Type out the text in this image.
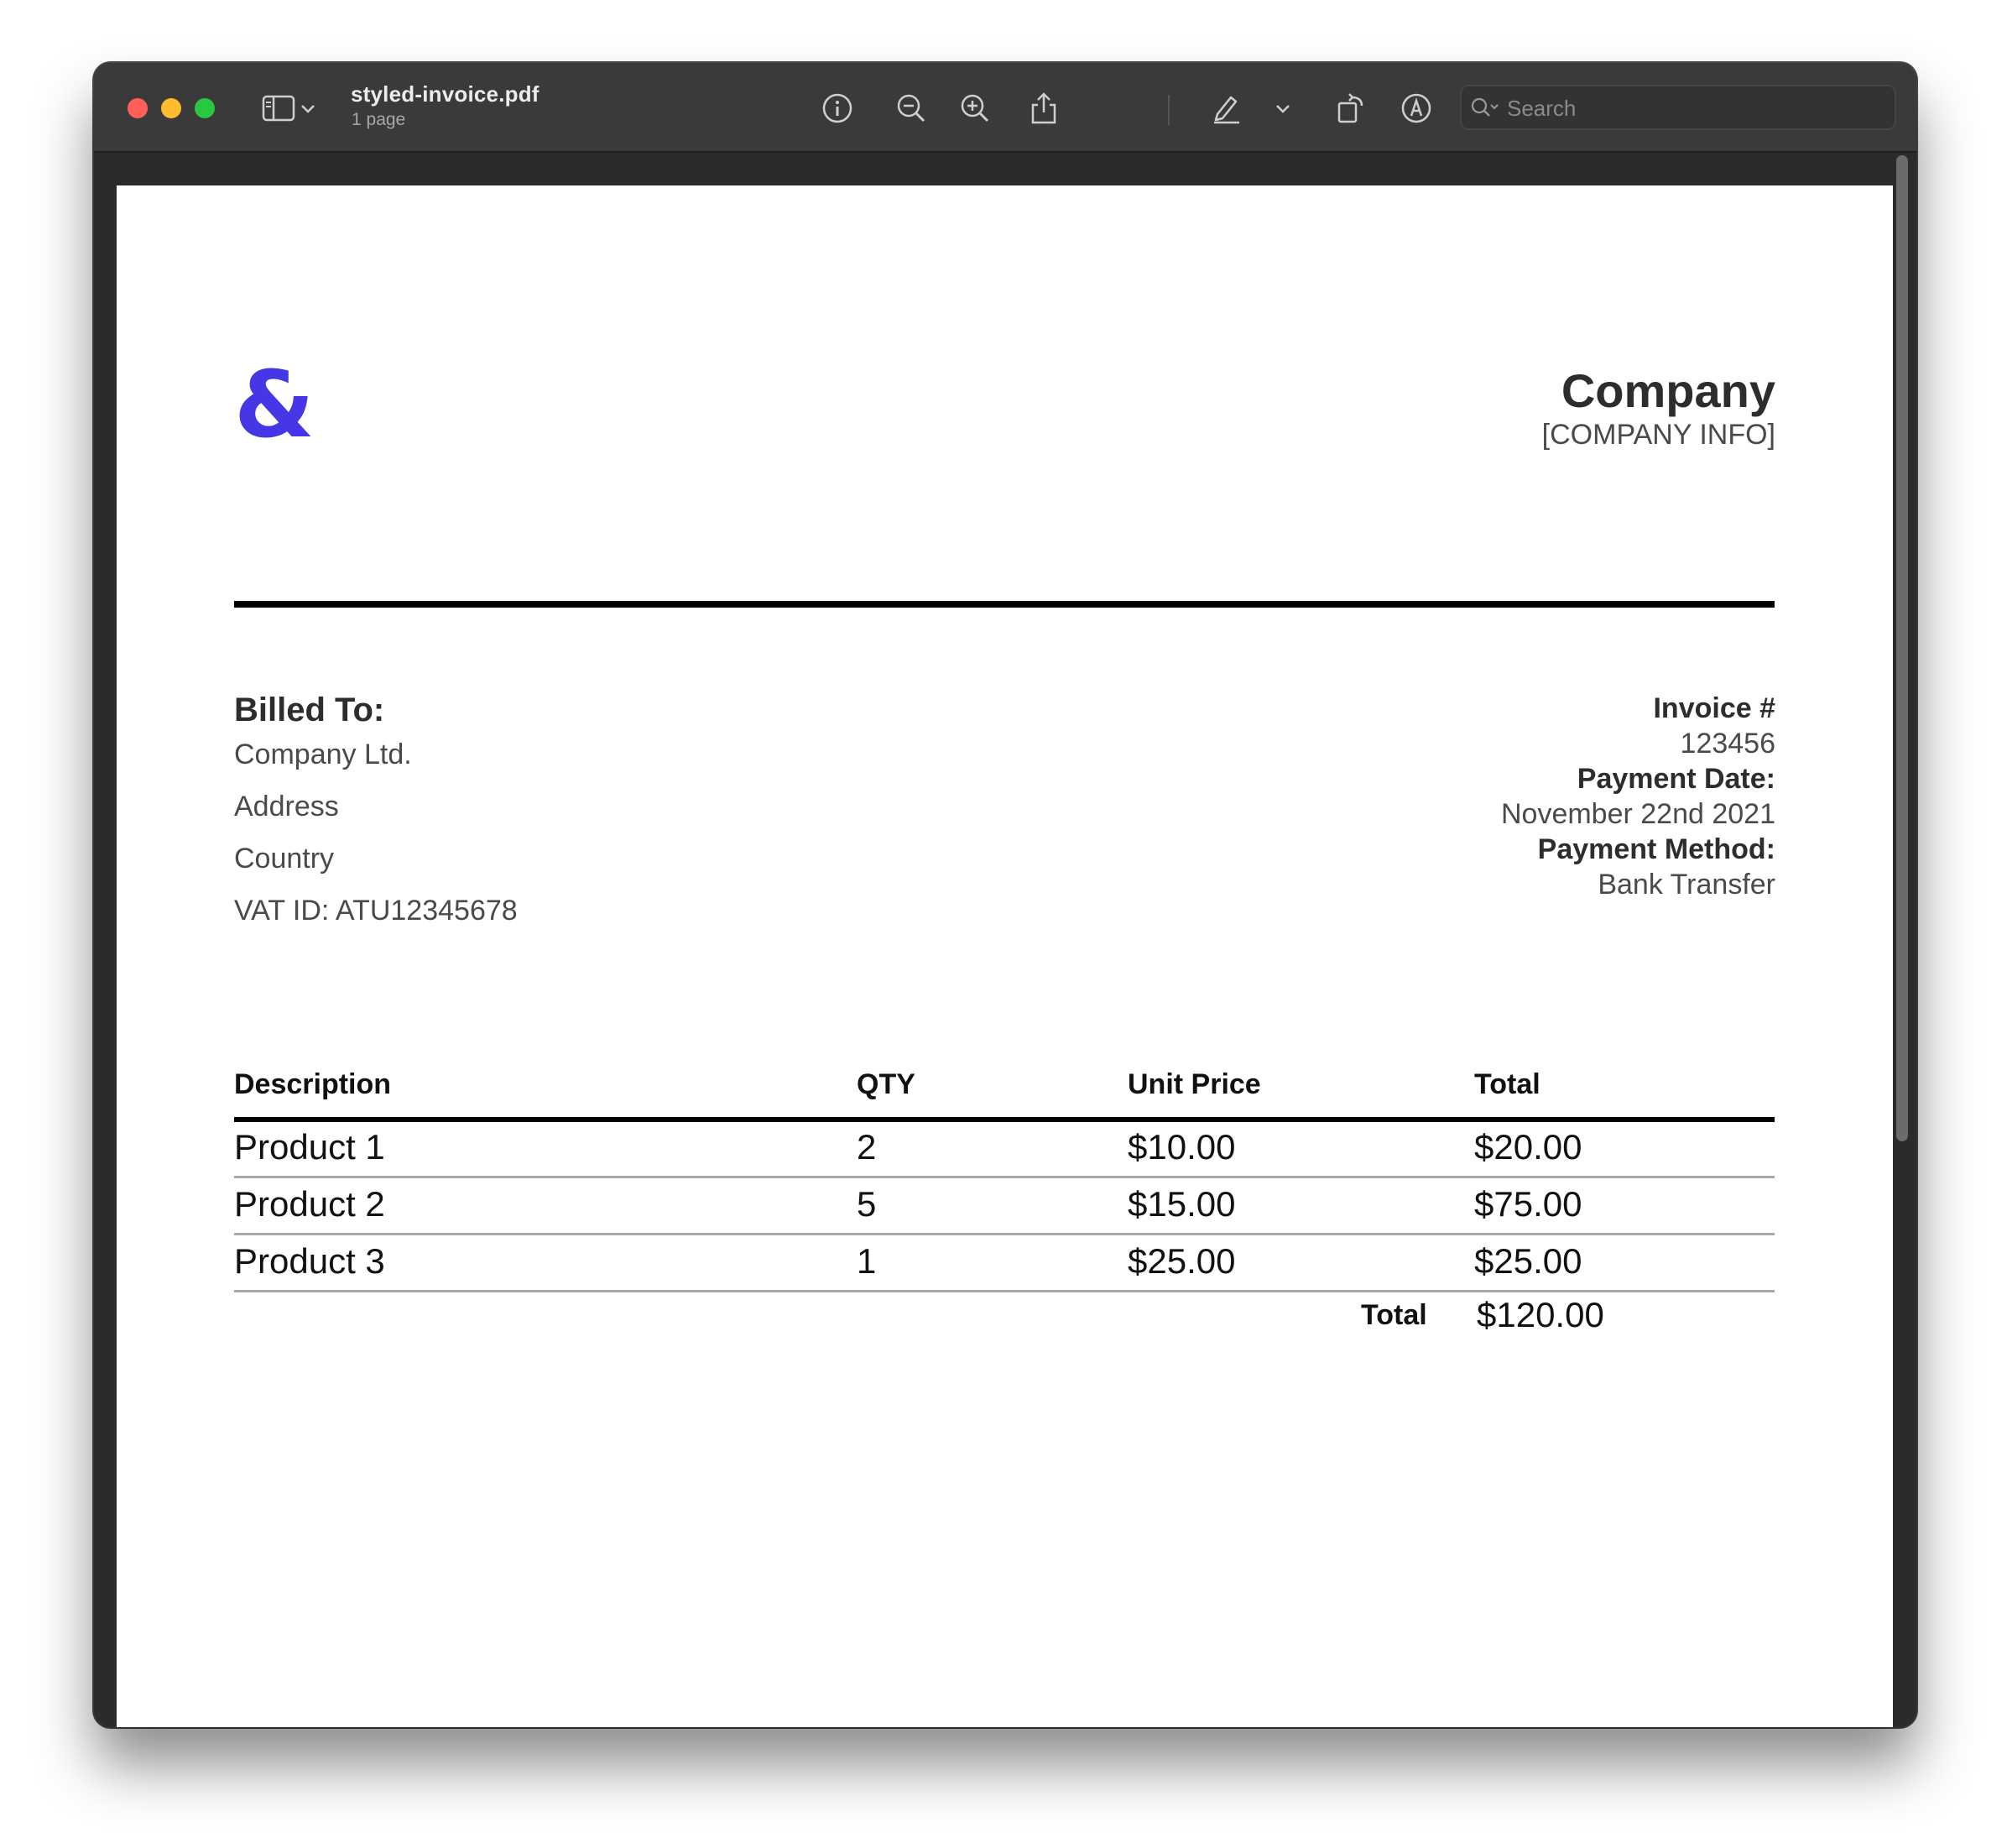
styled-invoice.pdf
1 page
Search
&	Company
[COMPANY INFO]
Billed To:
Company Ltd.
Address
Country
VAT ID: ATU12345678
Invoice #
123456
Payment Date:
November 22nd 2021
Payment Method:
Bank Transfer
Description	QTY	Unit Price	Total
Product 1	2	$10.00	$20.00
Product 2	5	$15.00	$75.00
Product 3	1	$25.00	$25.00
Total $120.00
